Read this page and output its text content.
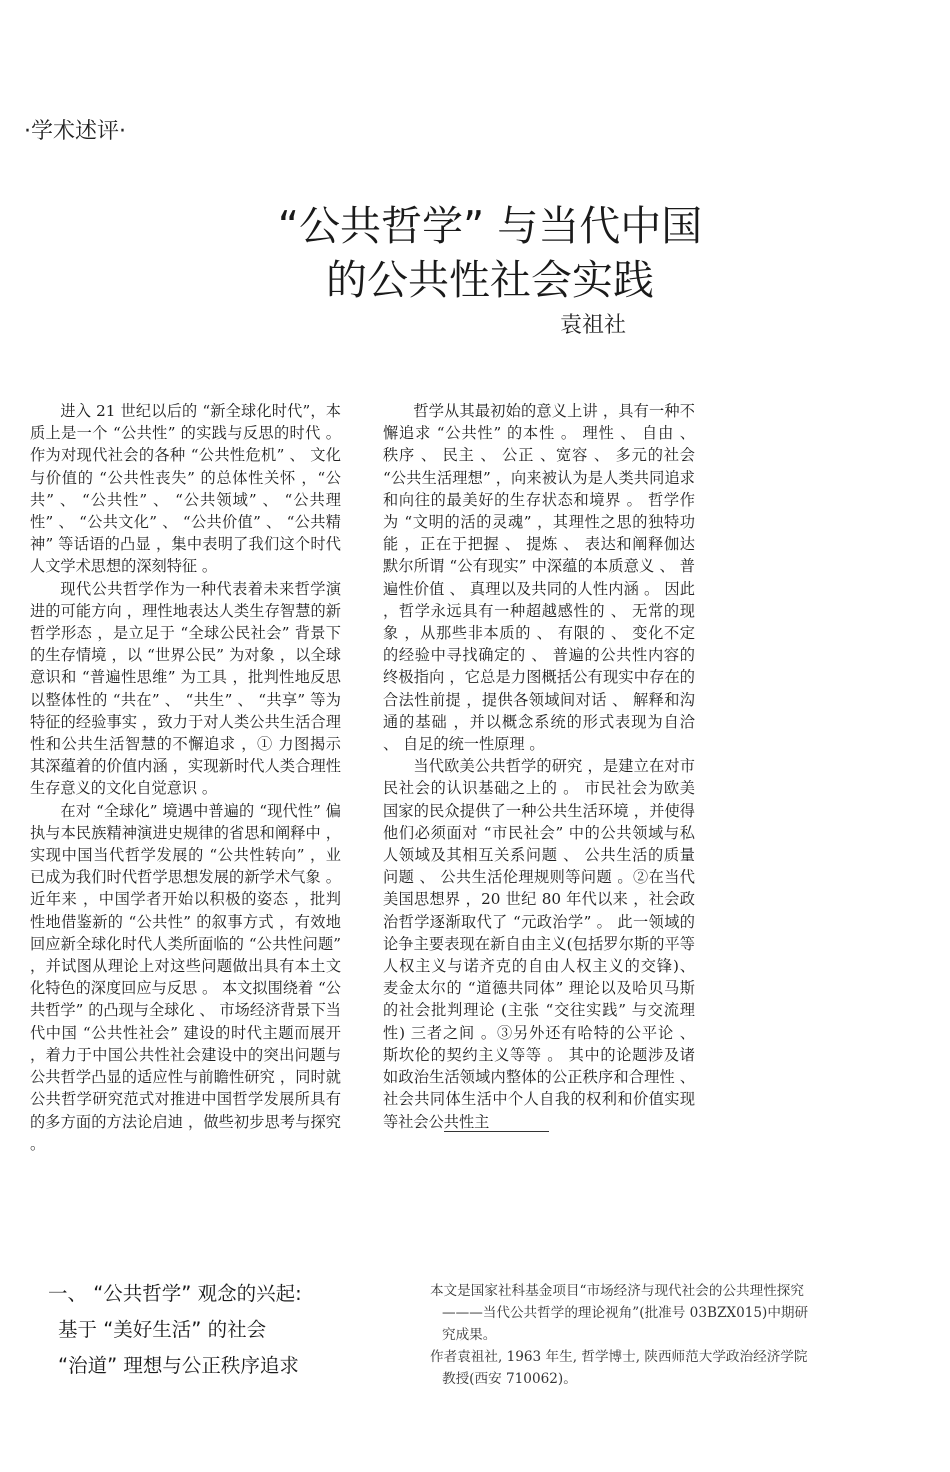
·学术述评·
“公共哲学” 与当代中国
的公共性社会实践
袁祖社

进入 21 世纪以后的 “新全球化时代”，本质上是一个 “公共性” 的实践与反思的时代 。 作为对现代社会的各种 “公共性危机” 、 文化与价值的 “公共性丧失” 的总体性关怀 ，“公共” 、 “公共性” 、 “公共领域” 、 “公共理性” 、 “公共文化” 、 “公共价值” 、 “公共精神” 等话语的凸显 ，集中表明了我们这个时代人文学术思想的深刻特征 。

现代公共哲学作为一种代表着未来哲学演进的可能方向 ，理性地表达人类生存智慧的新哲学形态 ，是立足于 “全球公民社会” 背景下的生存情境 ，以 “世界公民” 为对象 ，以全球意识和 “普遍性思维” 为工具 ，批判性地反思以整体性的 “共在” 、 “共生” 、 “共享” 等为特征的经验事实 ，致力于对人类公共生活合理性和公共生活智慧的不懈追求 ，① 力图揭示其深蕴着的价值内涵 ，实现新时代人类合理性生存意义的文化自觉意识 。

在对 “全球化” 境遇中普遍的 “现代性” 偏执与本民族精神演进史规律的省思和阐释中 ，实现中国当代哲学发展的 “公共性转向” ，业已成为我们时代哲学思想发展的新学术气象 。 近年来 ，中国学者开始以积极的姿态 ，批判性地借鉴新的 “公共性” 的叙事方式 ，有效地回应新全球化时代人类所面临的 “公共性问题” ，并试图从理论上对这些问题做出具有本土文化特色的深度回应与反思 。 本文拟围绕着 “公共哲学” 的凸现与全球化 、 市场经济背景下当代中国 “公共性社会” 建设的时代主题而展开 ，着力于中国公共性社会建设中的突出问题与公共哲学凸显的适应性与前瞻性研究 ，同时就公共哲学研究范式对推进中国哲学发展所具有的多方面的方法论启迪 ，做些初步思考与探究 。

哲学从其最初始的意义上讲 ，具有一种不懈追求 “公共性” 的本性 。 理性 、 自由 、 秩序 、 民主 、 公正 、宽容 、 多元的社会 “公共生活理想” ，向来被认为是人类共同追求和向往的最美好的生存状态和境界 。 哲学作为 “文明的活的灵魂” ，其理性之思的独特功能 ，正在于把握 、 提炼 、 表达和阐释伽达默尔所谓 “公有现实” 中深蕴的本质意义 、 普遍性价值 、 真理以及共同的人性内涵 。 因此 ，哲学永远具有一种超越感性的 、 无常的现象 ，从那些非本质的 、 有限的 、 变化不定的经验中寻找确定的 、 普遍的公共性内容的终极指向 ，它总是力图概括公有现实中存在的合法性前提 ，提供各领域间对话 、 解释和沟通的基础 ，并以概念系统的形式表现为自洽 、 自足的统一性原理 。

当代欧美公共哲学的研究 ，是建立在对市民社会的认识基础之上的 。 市民社会为欧美国家的民众提供了一种公共生活环境 ，并使得他们必须面对 “市民社会” 中的公共领域与私人领域及其相互关系问题 、 公共生活的质量问题 、 公共生活伦理规则等问题 。②在当代美国思想界 ，20 世纪 80 年代以来 ，社会政治哲学逐渐取代了 “元政治学” 。 此一领域的论争主要表现在新自由主义(包括罗尔斯的平等人权主义与诺齐克的自由人权主义的交锋)、 麦金太尔的 “道德共同体” 理论以及哈贝马斯的社会批判理论 (主张 “交往实践” 与交流理性) 三者之间 。③另外还有哈特的公平论 、 斯坎伦的契约主义等等 。 其中的论题涉及诸如政治生活领域内整体的公正秩序和合理性 、 社会共同体生活中个人自我的权利和价值实现等社会公共性主

一、 “公共哲学” 观念的兴起:
基于 “美好生活” 的社会
“治道” 理想与公正秩序追求

本文是国家社科基金项目“市场经济与现代社会的公共理性探究———当代公共哲学的理论视角”(批准号 03BZX015)中期研究成果。

作者袁祖社, 1963 年生, 哲学博士, 陕西师范大学政治经济学院教授(西安 710062)。
